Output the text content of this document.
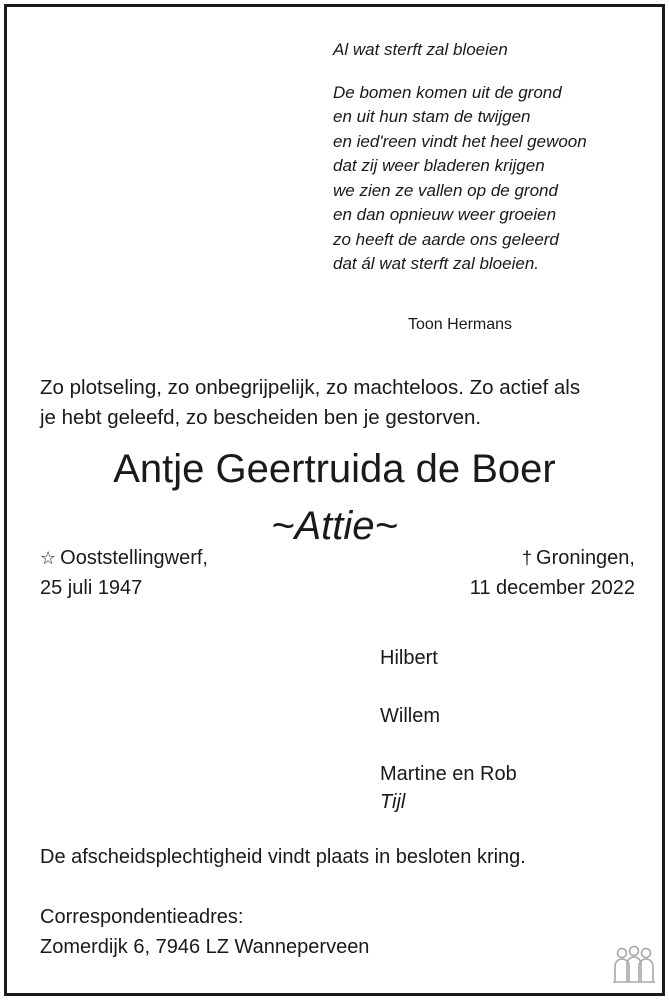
Al wat sterft zal bloeien
De bomen komen uit de grond
en uit hun stam de twijgen
en ied'reen vindt het heel gewoon
dat zij weer bladeren krijgen
we zien ze vallen op de grond
en dan opnieuw weer groeien
zo heeft de aarde ons geleerd
dat ál wat sterft zal bloeien.
Toon Hermans
Zo plotseling, zo onbegrijpelijk, zo machteloos. Zo actief als
je hebt geleefd, zo bescheiden ben je gestorven.
Antje Geertruida de Boer
~Attie~
☆ Ooststellingwerf,
25 juli 1947
† Groningen,
11 december 2022
Hilbert
Willem
Martine en Rob
Tijl
De afscheidsplechtigheid vindt plaats in besloten kring.
Correspondentieadres:
Zomerdijk 6, 7946 LZ Wanneperveen
